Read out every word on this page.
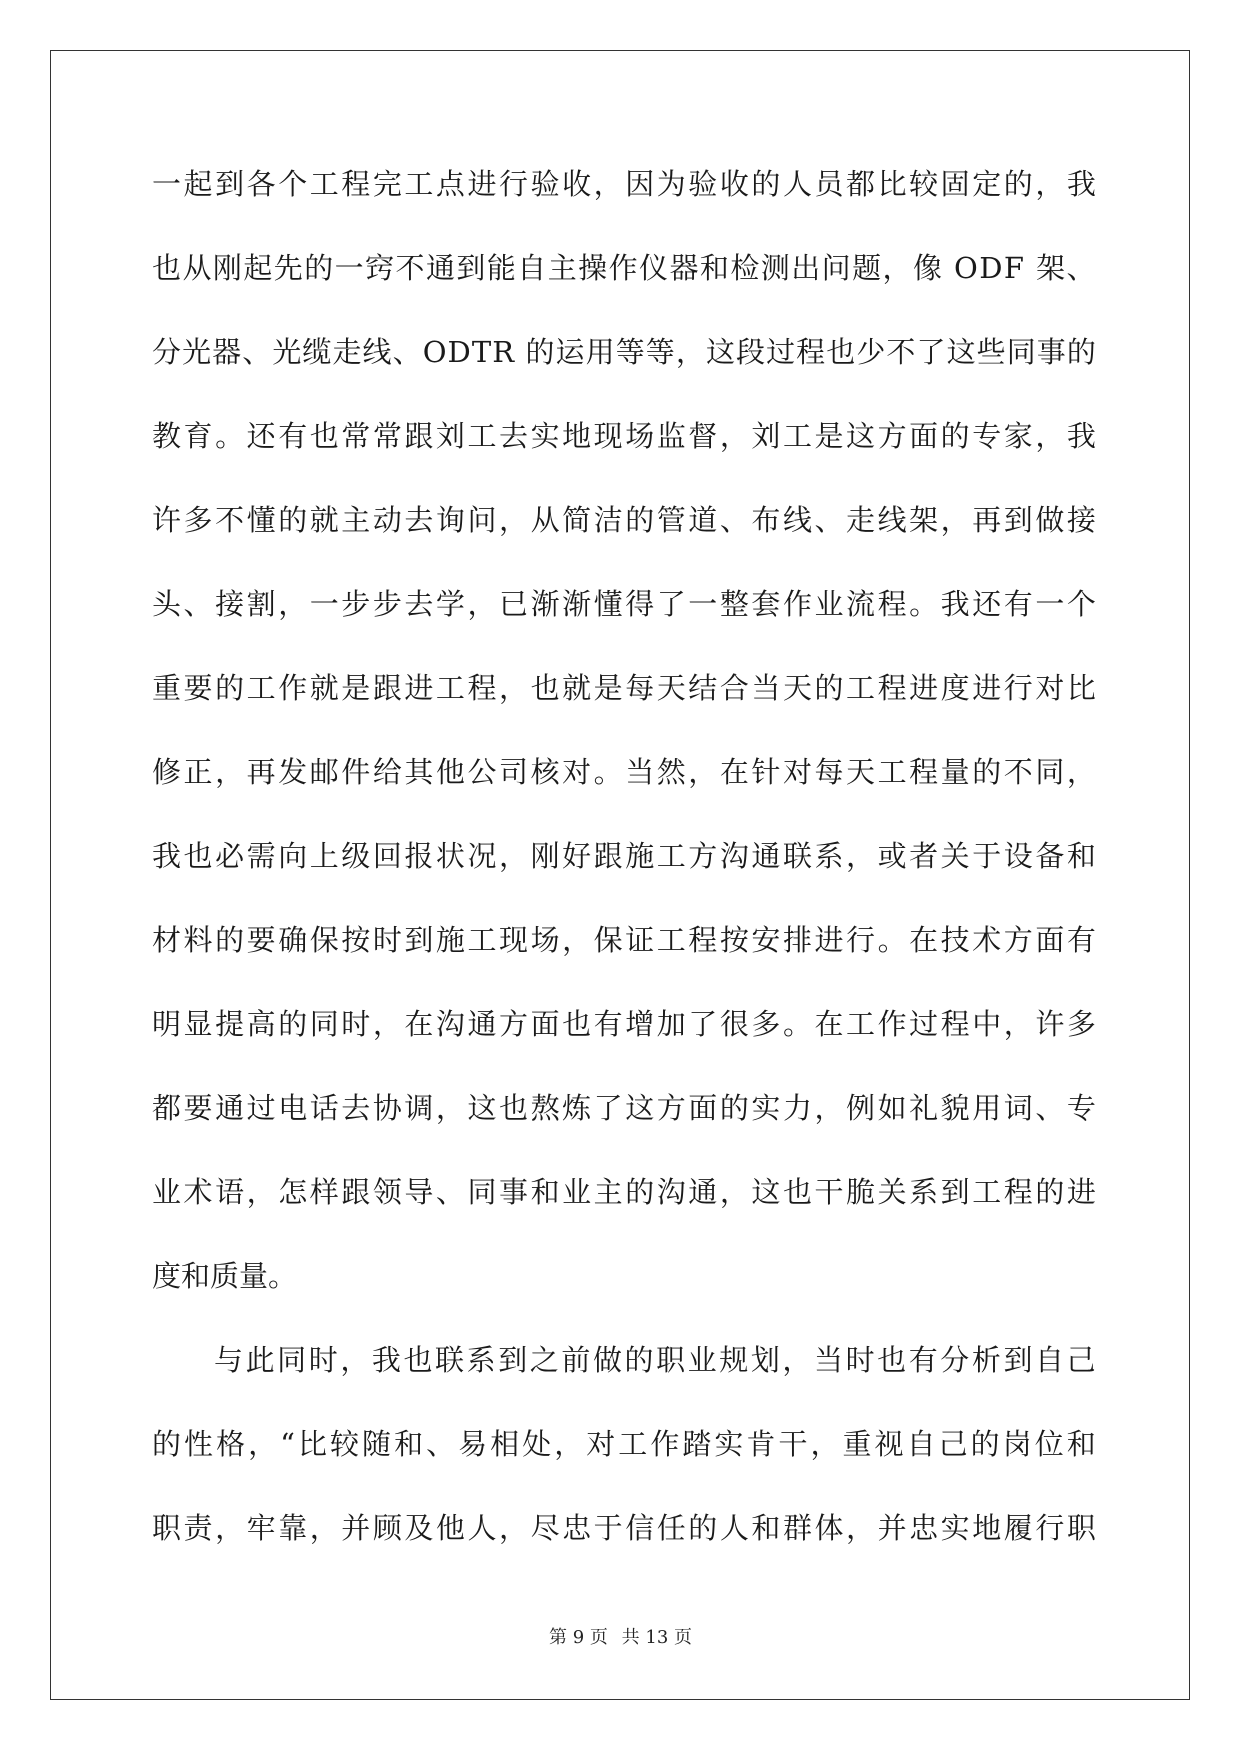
一 起 到 各 个 工 程 完 工 点 进 行 验 收 ， 因 为 验 收 的 人 员 都 比 较 固 定 的 ， 我
也 从 刚 起 先 的 一 窍 不 通 到 能 自 主 操 作 仪 器 和 检 测 出 问 题 ， 像
O D F
架 、
分 光 器 、 光 缆 走 线 、 O D T R
的 运 用 等 等 ， 这 段 过 程 也 少 不 了 这 些 同 事 的
教 育 。 还 有 也 常 常 跟 刘 工 去 实 地 现 场 监 督 ， 刘 工 是 这 方 面 的 专 家 ， 我
许 多 不 懂 的 就 主 动 去 询 问 ， 从 简 洁 的 管 道 、 布 线 、 走 线 架 ， 再 到 做 接
头 、 接 割 ， 一 步 步 去 学 ， 已 渐 渐 懂 得 了 一 整 套 作 业 流 程 。 我 还 有 一 个
重 要 的 工 作 就 是 跟 进 工 程 ， 也 就 是 每 天 结 合 当 天 的 工 程 进 度 进 行 对 比
修 正 ， 再 发 邮 件 给 其 他 公 司 核 对 。 当 然 ， 在 针 对 每 天 工 程 量 的 不 同 ，
我 也 必 需 向 上 级 回 报 状 况 ， 刚 好 跟 施 工 方 沟 通 联 系 ， 或 者 关 于 设 备 和
材 料 的 要 确 保 按 时 到 施 工 现 场 ， 保 证 工 程 按 安 排 进 行 。 在 技 术 方 面 有
明 显 提 高 的 同 时 ， 在 沟 通 方 面 也 有 增 加 了 很 多 。 在 工 作 过 程 中 ， 许 多
都 要 通 过 电 话 去 协 调 ， 这 也 熬 炼 了 这 方 面 的 实 力 ， 例 如 礼 貌 用 词 、 专
业 术 语 ， 怎 样 跟 领 导 、 同 事 和 业 主 的 沟 通 ， 这 也 干 脆 关 系 到 工 程 的 进
度和质量。
与 此 同 时 ， 我 也 联 系 到 之 前 做 的 职 业 规 划 ， 当 时 也 有 分 析 到 自 己
的 性 格 ， “ 比 较 随 和 、 易 相 处 ， 对 工 作 踏 实 肯 干 ， 重 视 自 己 的 岗 位 和
职 责 ， 牢 靠 ， 并 顾 及 他 人 ， 尽 忠 于 信 任 的 人 和 群 体 ， 并 忠 实 地 履 行 职
第 9 页 共 13 页
